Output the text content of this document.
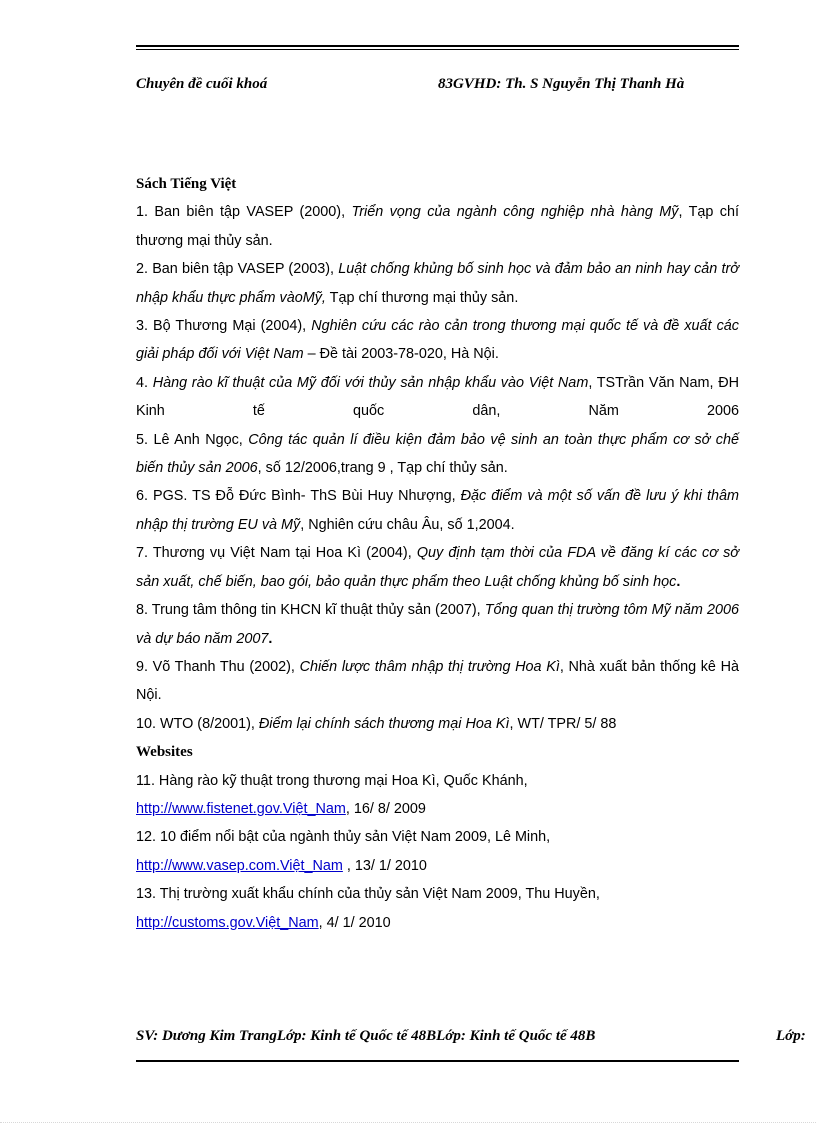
Chuyên đề cuối khoá	83GVHD: Th. S Nguyễn Thị Thanh Hà
Sách Tiếng Việt

1. Ban biên tập VASEP (2000), Triển vọng của ngành công nghiệp nhà hàng Mỹ, Tạp chí thương mại thủy sản.

2. Ban biên tập VASEP (2003), Luật chống khủng bố sinh học và đảm bảo an ninh hay cản trở nhập khẩu thực phẩm vàoMỹ, Tạp chí thương mại thủy sản.

3. Bộ Thương Mại (2004), Nghiên cứu các rào cản trong thương mại quốc tế và đề xuất các giải pháp đối với Việt Nam – Đề tài 2003-78-020, Hà Nội.

4. Hàng rào kĩ thuật của Mỹ đối với thủy sản nhập khẩu vào Việt Nam, TSTrần Văn Nam, ĐH Kinh tế quốc dân, Năm 2006

5. Lê Anh Ngọc, Công tác quản lí điều kiện đảm bảo vệ sinh an toàn thực phẩm cơ sở chế biến thủy sản 2006, số 12/2006,trang 9 , Tạp chí thủy sản.

6. PGS. TS Đỗ Đức Bình- ThS Bùi Huy Nhượng, Đặc điểm và một số vấn đề lưu ý khi thâm nhập thị trường EU và Mỹ, Nghiên cứu châu Âu, số 1,2004.

7. Thương vụ Việt Nam tại Hoa Kì (2004), Quy định tạm thời của FDA về đăng kí các cơ sở sản xuất, chế biến, bao gói, bảo quản thực phẩm theo Luật chống khủng bố sinh học.

8. Trung tâm thông tin KHCN kĩ thuật thủy sản (2007), Tổng quan thị trường tôm Mỹ năm 2006 và dự báo năm 2007.

9. Võ Thanh Thu (2002), Chiến lược thâm nhập thị trường Hoa Kì, Nhà xuất bản thống kê Hà Nội.

10. WTO (8/2001), Điểm lại chính sách thương mại Hoa Kì, WT/ TPR/ 5/ 88

Websites

11. Hàng rào kỹ thuật trong thương mại Hoa Kì, Quốc Khánh,
http://www.fistenet.gov.Việt_Nam, 16/ 8/ 2009

12. 10 điểm nổi bật của ngành thủy sản Việt Nam 2009, Lê Minh,
http://www.vasep.com.Việt_Nam , 13/ 1/ 2010

13. Thị trường xuất khẩu chính của thủy sản Việt Nam 2009, Thu Huyền,
http://customs.gov.Việt_Nam, 4/ 1/ 2010

SV: Dương Kim TrangLớp: Kinh tế Quốc tế 48BLớp: Kinh tế Quốc tế 48B	Lớp:
